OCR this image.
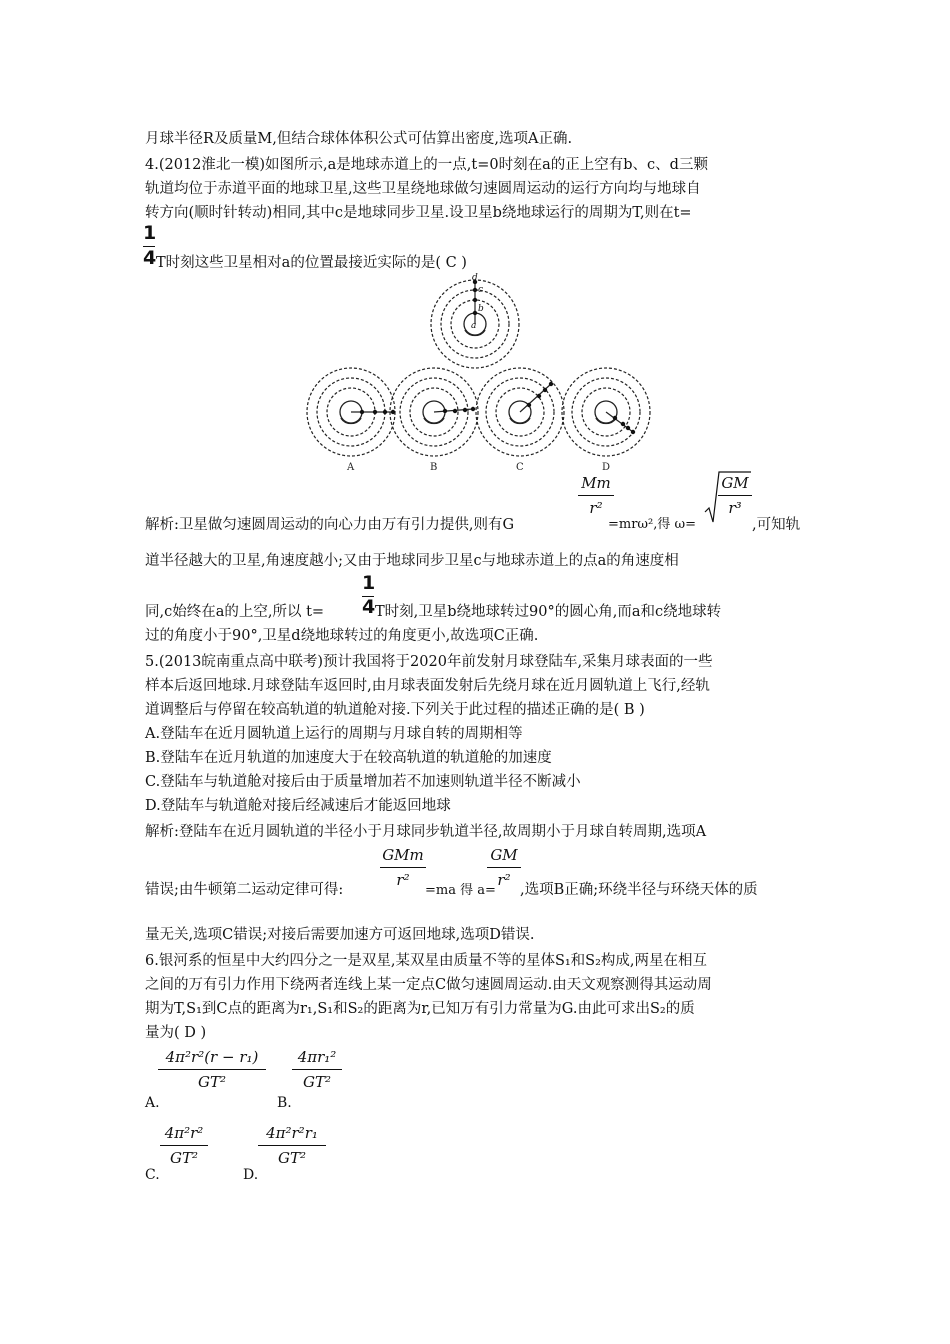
月球半径R及质量M,但结合球体体积公式可估算出密度,选项A正确.
4.(2012淮北一模)如图所示,a是地球赤道上的一点,t=0时刻在a的正上空有b、c、d三颗
轨道均位于赤道平面的地球卫星,这些卫星绕地球做匀速圆周运动的运行方向均与地球自
转方向(顺时针转动)相同,其中c是地球同步卫星.设卫星b绕地球运行的周期为T,则在t=
1
4 T时刻这些卫星相对a的位置最接近实际的是( C )
a
b
c
d
A	B	C	D
解析:卫星做匀速圆周运动的向心力由万有引力提供,则有G
Mm
r²
=mrω²,得 ω=
GM
r³
,可知轨
道半径越大的卫星,角速度越小;又由于地球同步卫星c与地球赤道上的点a的角速度相
同,c始终在a的上空,所以 t=
1
4 T时刻,卫星b绕地球转过90°的圆心角,而a和c绕地球转
过的角度小于90°,卫星d绕地球转过的角度更小,故选项C正确.
5.(2013皖南重点高中联考)预计我国将于2020年前发射月球登陆车,采集月球表面的一些
样本后返回地球.月球登陆车返回时,由月球表面发射后先绕月球在近月圆轨道上飞行,经轨
道调整后与停留在较高轨道的轨道舱对接.下列关于此过程的描述正确的是( B )
A.登陆车在近月圆轨道上运行的周期与月球自转的周期相等
B.登陆车在近月轨道的加速度大于在较高轨道的轨道舱的加速度
C.登陆车与轨道舱对接后由于质量增加若不加速则轨道半径不断减小
D.登陆车与轨道舱对接后经减速后才能返回地球
解析:登陆车在近月圆轨道的半径小于月球同步轨道半径,故周期小于月球自转周期,选项A
错误;由牛顿第二运动定律可得:
GMm
r²
=ma 得 a=
GM
r²
,选项B正确;环绕半径与环绕天体的质
量无关,选项C错误;对接后需要加速方可返回地球,选项D错误.
6.银河系的恒星中大约四分之一是双星,某双星由质量不等的星体S₁和S₂构成,两星在相互
之间的万有引力作用下绕两者连线上某一定点C做匀速圆周运动.由天文观察测得其运动周
期为T,S₁到C点的距离为r₁,S₁和S₂的距离为r,已知万有引力常量为G.由此可求出S₂的质
量为( D )
A.
4π²r²(r − r₁)
GT²
B.
4πr₁²
GT²
C.
4π²r²
GT²
D.
4π²r²r₁
GT²
